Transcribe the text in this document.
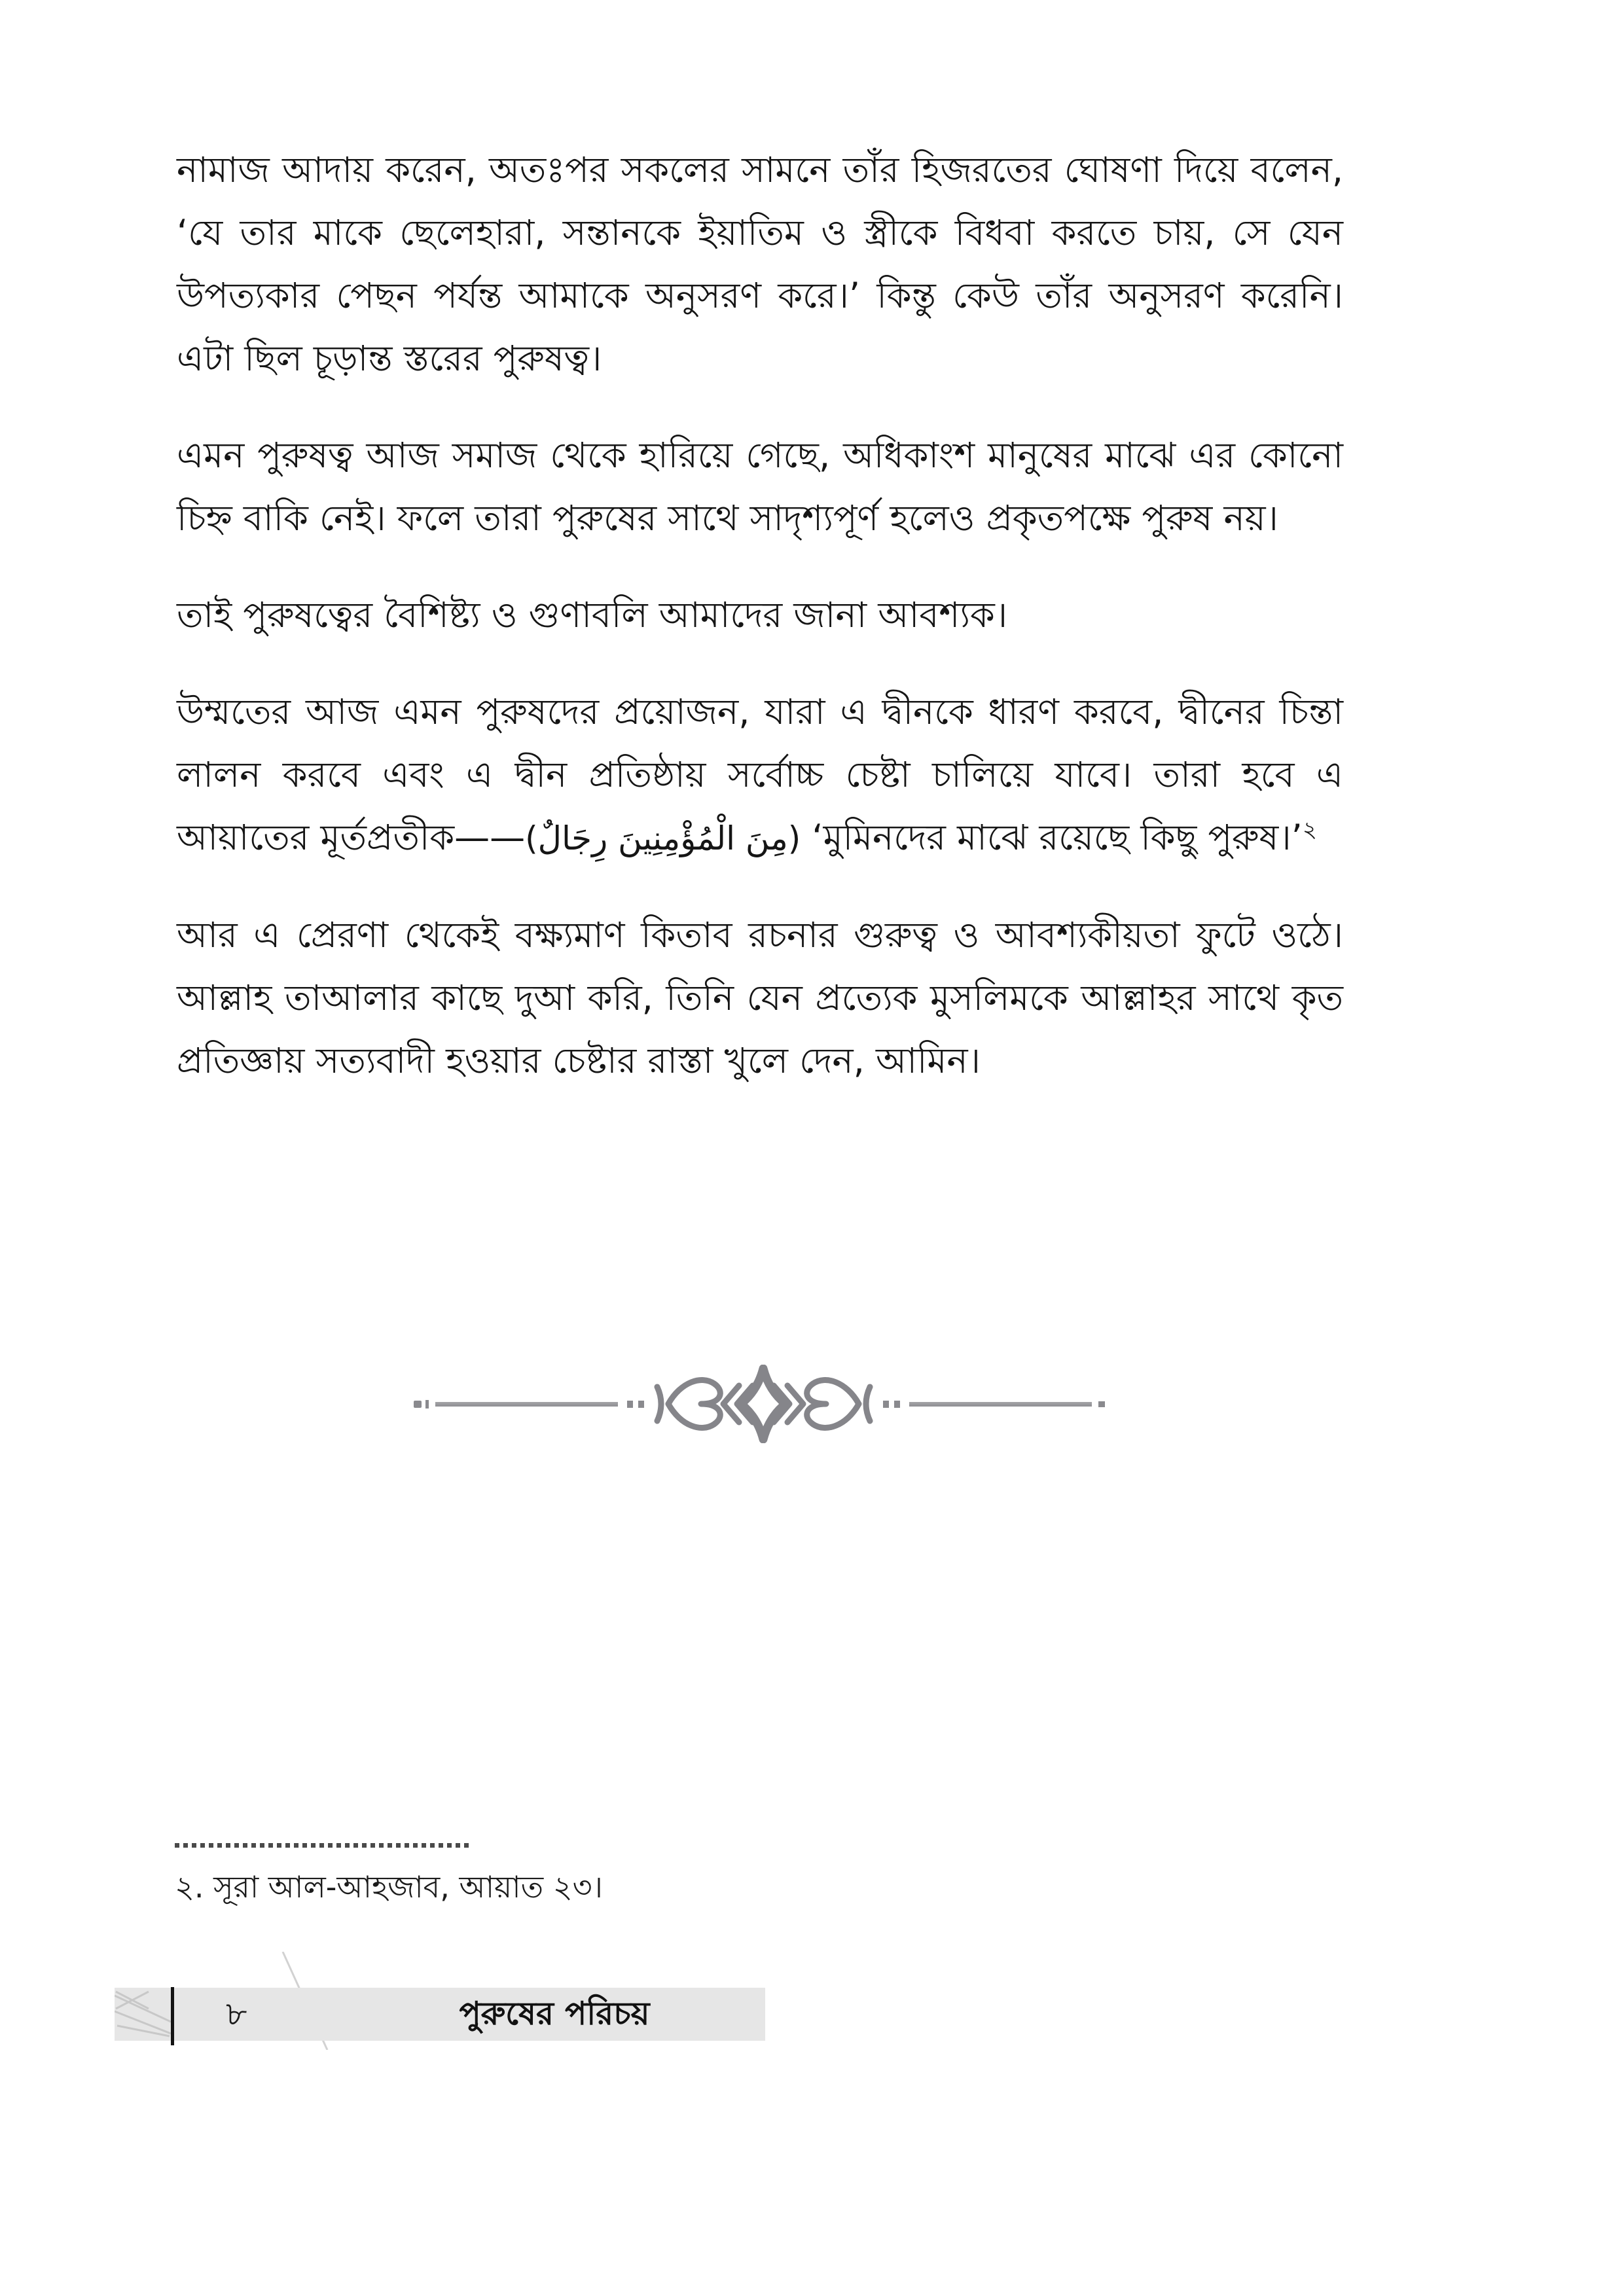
নামাজ আদায় করেন, অতঃপর সকলের সামনে তাঁর হিজরতের ঘোষণা দিয়ে বলেন, ‘যে তার মাকে ছেলেহারা, সন্তানকে ইয়াতিম ও স্ত্রীকে বিধবা করতে চায়, সে যেন উপত্যকার পেছন পর্যন্ত আমাকে অনুসরণ করে।’ কিন্তু কেউ তাঁর অনুসরণ করেনি। এটা ছিল চূড়ান্ত স্তরের পুরুষত্ব।

এমন পুরুষত্ব আজ সমাজ থেকে হারিয়ে গেছে, অধিকাংশ মানুষের মাঝে এর কোনো চিহ্ন বাকি নেই। ফলে তারা পুরুষের সাথে সাদৃশ্যপূর্ণ হলেও প্রকৃতপক্ষে পুরুষ নয়।

তাই পুরুষত্বের বৈশিষ্ট্য ও গুণাবলি আমাদের জানা আবশ্যক।

উম্মতের আজ এমন পুরুষদের প্রয়োজন, যারা এ দ্বীনকে ধারণ করবে, দ্বীনের চিন্তা লালন করবে এবং এ দ্বীন প্রতিষ্ঠায় সর্বোচ্চ চেষ্টা চালিয়ে যাবে। তারা হবে এ আয়াতের মূর্তপ্রতীক——(مِنَ الْمُؤْمِنِينَ رِجَالٌ) ‘মুমিনদের মাঝে রয়েছে কিছু পুরুষ।’$^২$

আর এ প্রেরণা থেকেই বক্ষ্যমাণ কিতাব রচনার গুরুত্ব ও আবশ্যকীয়তা ফুটে ওঠে। আল্লাহ তাআলার কাছে দুআ করি, তিনি যেন প্রত্যেক মুসলিমকে আল্লাহর সাথে কৃত প্রতিজ্ঞায় সত্যবাদী হওয়ার চেষ্টার রাস্তা খুলে দেন, আমিন।

২. সূরা আল-আহজাব, আয়াত ২৩।

৮	পুরুষের পরিচয়
